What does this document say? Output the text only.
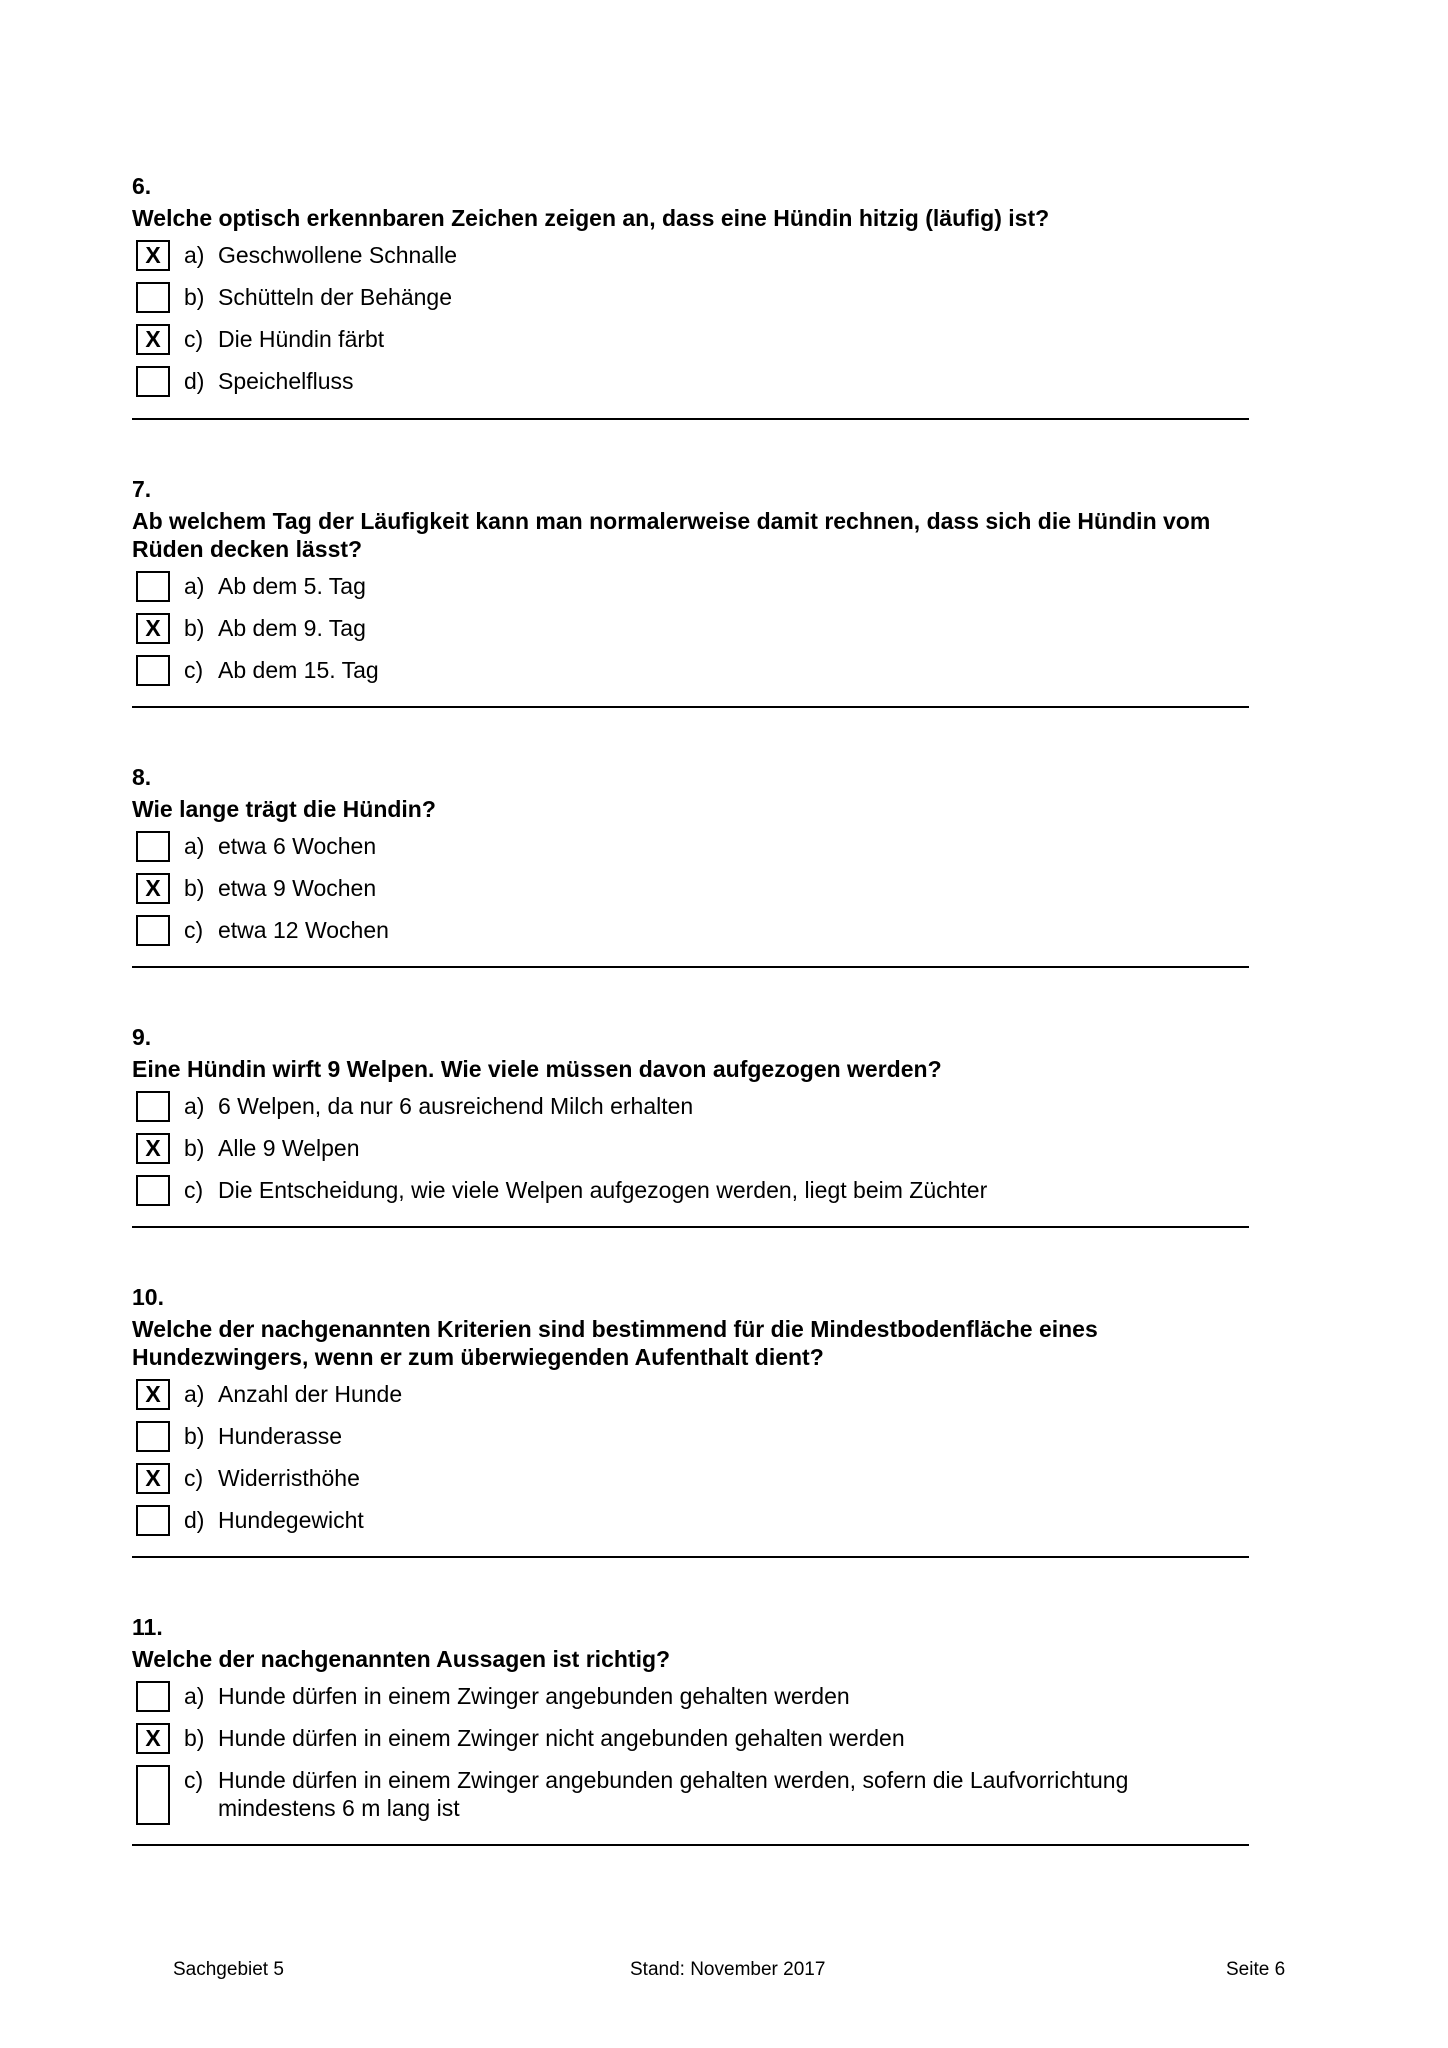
6.
Welche optisch erkennbaren Zeichen zeigen an, dass eine Hündin hitzig (läufig) ist?
X	a) Geschwollene Schnalle
b) Schütteln der Behänge
X	c) Die Hündin färbt
d) Speichelfluss
7.
Ab welchem Tag der Läufigkeit kann man normalerweise damit rechnen, dass sich die Hündin vom Rüden decken lässt?
a) Ab dem 5. Tag
X	b) Ab dem 9. Tag
c) Ab dem 15. Tag
8.
Wie lange trägt die Hündin?
a) etwa 6 Wochen
X	b) etwa 9 Wochen
c) etwa 12 Wochen
9.
Eine Hündin wirft 9 Welpen. Wie viele müssen davon aufgezogen werden?
a) 6 Welpen, da nur 6 ausreichend Milch erhalten
X	b) Alle 9 Welpen
c) Die Entscheidung, wie viele Welpen aufgezogen werden, liegt beim Züchter
10.
Welche der nachgenannten Kriterien sind bestimmend für die Mindestbodenfläche eines Hundezwingers, wenn er zum überwiegenden Aufenthalt dient?
X	a) Anzahl der Hunde
b) Hunderasse
X	c) Widerristhöhe
d) Hundegewicht
11.
Welche der nachgenannten Aussagen ist richtig?
a) Hunde dürfen in einem Zwinger angebunden gehalten werden
X	b) Hunde dürfen in einem Zwinger nicht angebunden gehalten werden
c) Hunde dürfen in einem Zwinger angebunden gehalten werden, sofern die Laufvorrichtung mindestens 6 m lang ist
Sachgebiet 5	Stand: November 2017	Seite 6
